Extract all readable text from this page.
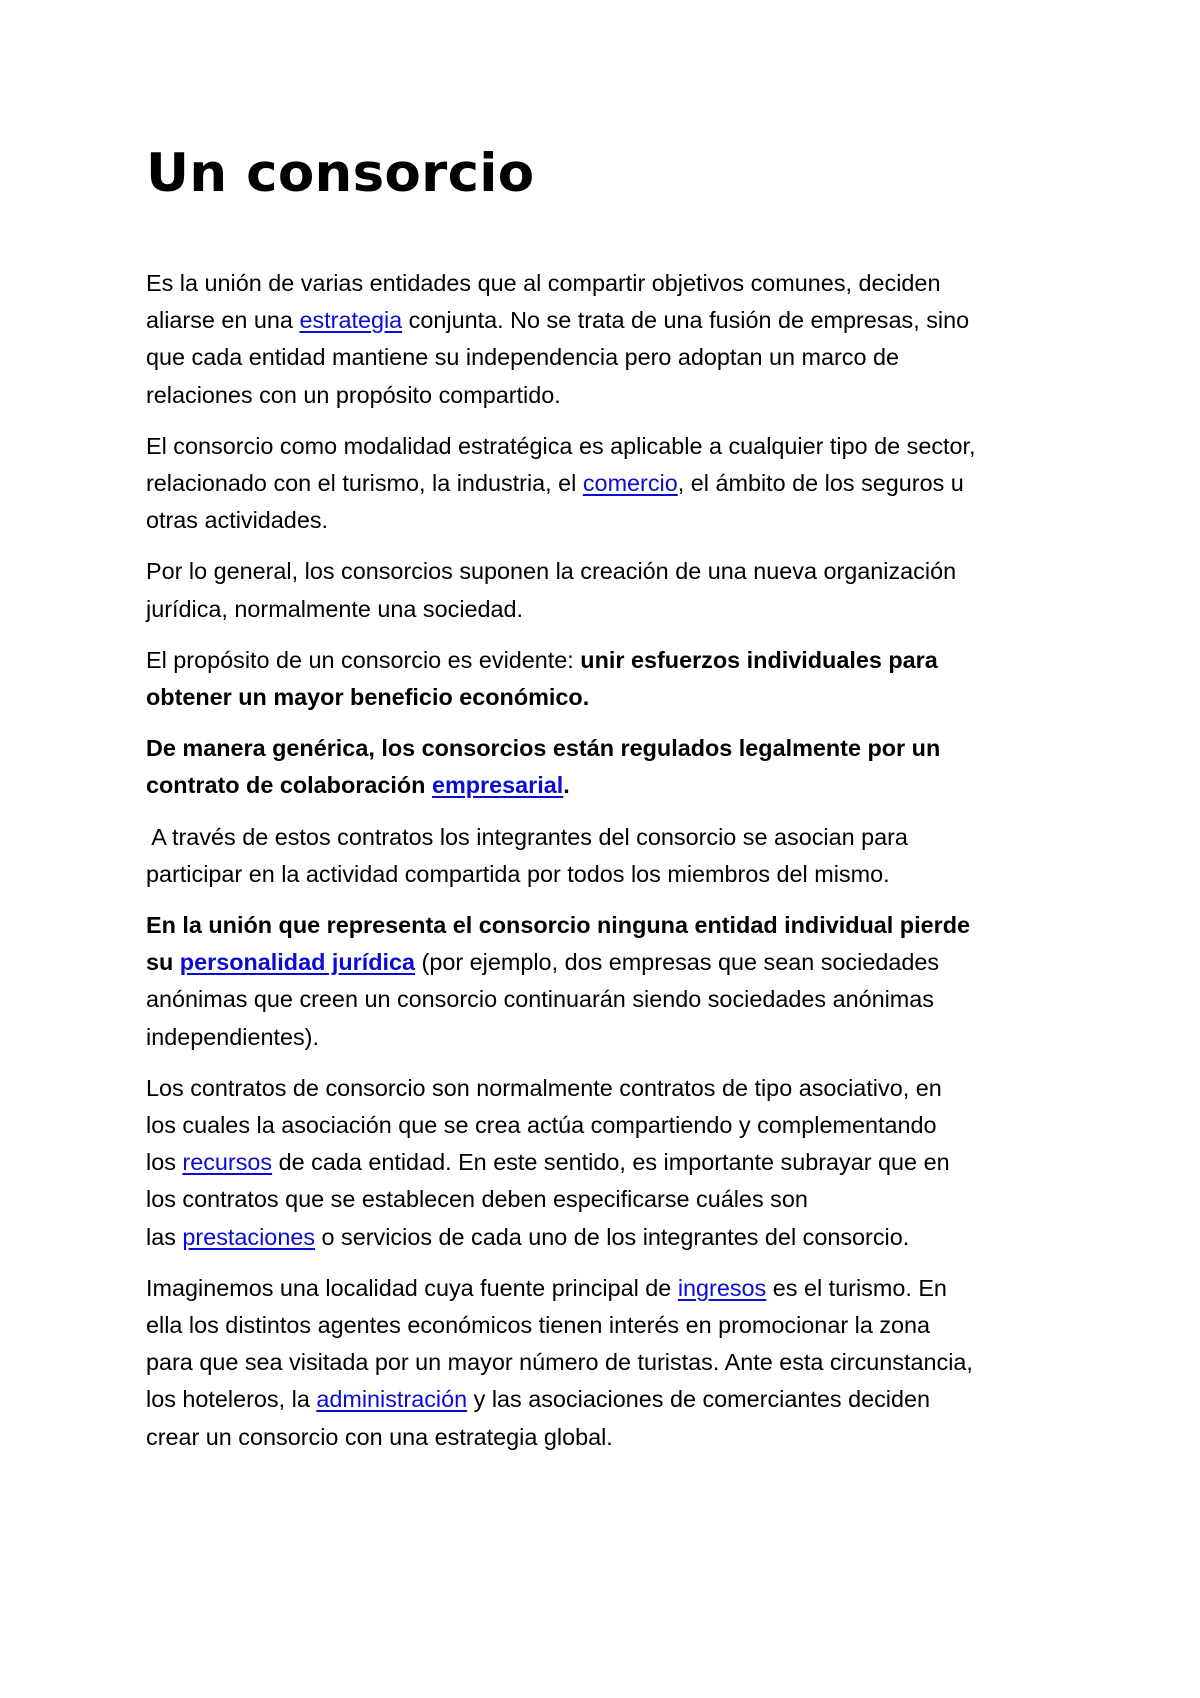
Un consorcio

Es la unión de varias entidades que al compartir objetivos comunes, deciden
aliarse en una estrategia conjunta. No se trata de una fusión de empresas, sino
que cada entidad mantiene su independencia pero adoptan un marco de
relaciones con un propósito compartido.

El consorcio como modalidad estratégica es aplicable a cualquier tipo de sector,
relacionado con el turismo, la industria, el comercio, el ámbito de los seguros u
otras actividades.

Por lo general, los consorcios suponen la creación de una nueva organización
jurídica, normalmente una sociedad.

El propósito de un consorcio es evidente: unir esfuerzos individuales para
obtener un mayor beneficio económico.

De manera genérica, los consorcios están regulados legalmente por un
contrato de colaboración empresarial.

A través de estos contratos los integrantes del consorcio se asocian para
participar en la actividad compartida por todos los miembros del mismo.

En la unión que representa el consorcio ninguna entidad individual pierde
su personalidad jurídica (por ejemplo, dos empresas que sean sociedades
anónimas que creen un consorcio continuarán siendo sociedades anónimas
independientes).

Los contratos de consorcio son normalmente contratos de tipo asociativo, en
los cuales la asociación que se crea actúa compartiendo y complementando
los recursos de cada entidad. En este sentido, es importante subrayar que en
los contratos que se establecen deben especificarse cuáles son
las prestaciones o servicios de cada uno de los integrantes del consorcio.

Imaginemos una localidad cuya fuente principal de ingresos es el turismo. En
ella los distintos agentes económicos tienen interés en promocionar la zona
para que sea visitada por un mayor número de turistas. Ante esta circunstancia,
los hoteleros, la administración y las asociaciones de comerciantes deciden
crear un consorcio con una estrategia global.
